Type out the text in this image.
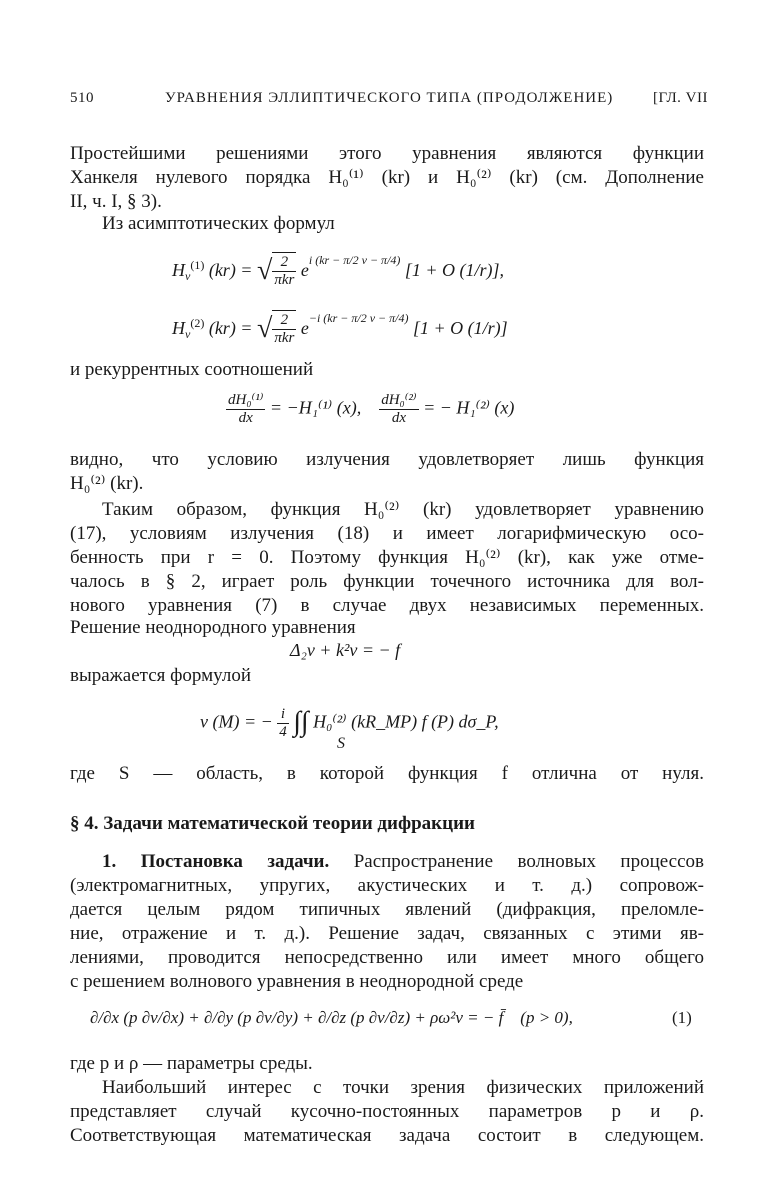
510	УРАВНЕНИЯ ЭЛЛИПТИЧЕСКОГО ТИПА (ПРОДОЛЖЕНИЕ)	[ГЛ. VII
Простейшими решениями этого уравнения являются функции
Ханкеля нулевого порядка H₀⁽¹⁾ (kr) и H₀⁽²⁾ (kr) (см. Дополнение
II, ч. I, § 3).
Из асимптотических формул
$H_\nu^{(1)}$ (kr) = √ $\frac{2}{\text{πkr}} e^{i (kr - \pi/2 \nu - \pi/4)}$ [1 + O (1/r)],
$H_\nu^{(2)}$ (kr) = √ $\frac{2}{\text{πkr}} e^{-i (kr - \pi/2 \nu - \pi/4)}$ [1 + O (1/r)]
и рекуррентных соотношений
$\frac{\text{dH₀⁽¹⁾}}{dx} = -H_1^{(1)}$ (x), $\frac{\text{dH₀⁽²⁾}}{dx}$ = − H₁⁽²⁾ (x)
видно, что условию излучения удовлетворяет лишь функция
H₀⁽²⁾ (kr).
Таким образом, функция H₀⁽²⁾ (kr) удовлетворяет уравнению
(17), условиям излучения (18) и имеет логарифмическую осо-
бенность при r = 0. Поэтому функция H₀⁽²⁾ (kr), как уже отме-
чалось в § 2, играет роль функции точечного источника для вол-
нового уравнения (7) в случае двух независимых переменных.
Решение неоднородного уравнения
Δ₂v + k²v = − f
выражается формулой
v (M) = − $\frac{i}{4}$ ∫∫ H₀⁽²⁾ (kR_MP) f (P) dσ_P,
S
где S — область, в которой функция f отлична от нуля.
§ 4. Задачи математической теории дифракции
1. Постановка задачи. Распространение волновых процессов
(электромагнитных, упругих, акустических и т. д.) сопровож-
дается целым рядом типичных явлений (дифракция, преломле-
ние, отражение и т. д.). Решение задач, связанных с этими яв-
лениями, проводится непосредственно или имеет много общего
с решением волнового уравнения в неоднородной среде
∂/∂x (p ∂v/∂x) + ∂/∂y (p ∂v/∂y) + ∂/∂z (p ∂v/∂z) + ρω²v = − f̄ (p > 0),	(1)
где p и ρ — параметры среды.
Наибольший интерес с точки зрения физических приложений
представляет случай кусочно-постоянных параметров p и ρ.
Соответствующая математическая задача состоит в следующем.
